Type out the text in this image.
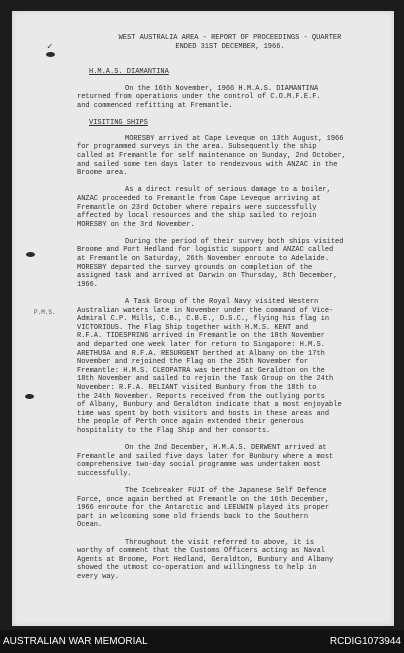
✓
P.M.S.
WEST AUSTRALIA AREA - REPORT OF PROCEEDINGS - QUARTER
ENDED 31ST DECEMBER, 1966.
H.M.A.S. DIAMANTINA
On the 16th November, 1966 H.M.A.S. DIAMANTINA
returned from operations under the control of C.O.M.F.E.F.
and commenced refitting at Fremantle.
VISITING SHIPS
MORESBY arrived at Cape Leveque on 13th August, 1966
for programmed surveys in the area. Subsequently the ship
called at Fremantle for self maintenance on Sunday, 2nd October,
and sailed some ten days later to rendezvous with ANZAC in the
Broome area.
As a direct result of serious damage to a boiler,
ANZAC proceeded to Fremantle from Cape Leveque arriving at
Fremantle on 23rd October where repairs were successfully
affected by local resources and the ship sailed to rejoin
MORESBY on the 3rd November.
During the period of their survey both ships visited
Broome and Port Hedland for logistic support and ANZAC called
at Fremantle on Saturday, 26th November enroute to Adelaide.
MORESBY departed the survey grounds on completion of the
assigned task and arrived at Darwin on Thursday, 8th December,
1966.
A Task Group of the Royal Navy visited Western
Australian waters late in November under the command of Vice-
Admiral C.P. Mills, C.B., C.B.E., D.S.C., flying his flag in
VICTORIOUS. The Flag Ship together with H.M.S. KENT and
R.F.A. TIDESPRING arrived in Fremantle on the 18th November
and departed one week later for return to Singapore: H.M.S.
ARETHUSA and R.F.A. RESURGENT berthed at Albany on the 17th
November and rejoined the Flag on the 25th November for
Fremantle: H.M.S. CLEOPATRA was berthed at Geraldton on the
18th November and sailed to rejoin the Task Group on the 24th
November: R.F.A. RELIANT visited Bunbury from the 18th to
the 24th November. Reports received from the outlying ports
of Albany, Bunbury and Geraldton indicate that a most enjoyable
time was spent by both visitors and hosts in these areas and
the people of Perth once again extended their generous
hospitality to the Flag Ship and her consorts.
On the 2nd December, H.M.A.S. DERWENT arrived at
Fremantle and sailed five days later for Bunbury where a most
comprehensive two-day social programme was undertaken most
successfully.
The Icebreaker FUJI of the Japanese Self Defence
Force, once again berthed at Fremantle on the 16th December,
1966 enroute for the Antarctic and LEEUWIN played its proper
part in welcoming some old friends back to the Southern
Ocean.
Throughout the visit referred to above, it is
worthy of comment that the Customs Officers acting as Naval
Agents at Broome, Port Hedland, Geraldton, Bunbury and Albany
showed the utmost co-operation and willingness to help in
every way.
AUSTRALIAN WAR MEMORIAL	RCDIG1073944
